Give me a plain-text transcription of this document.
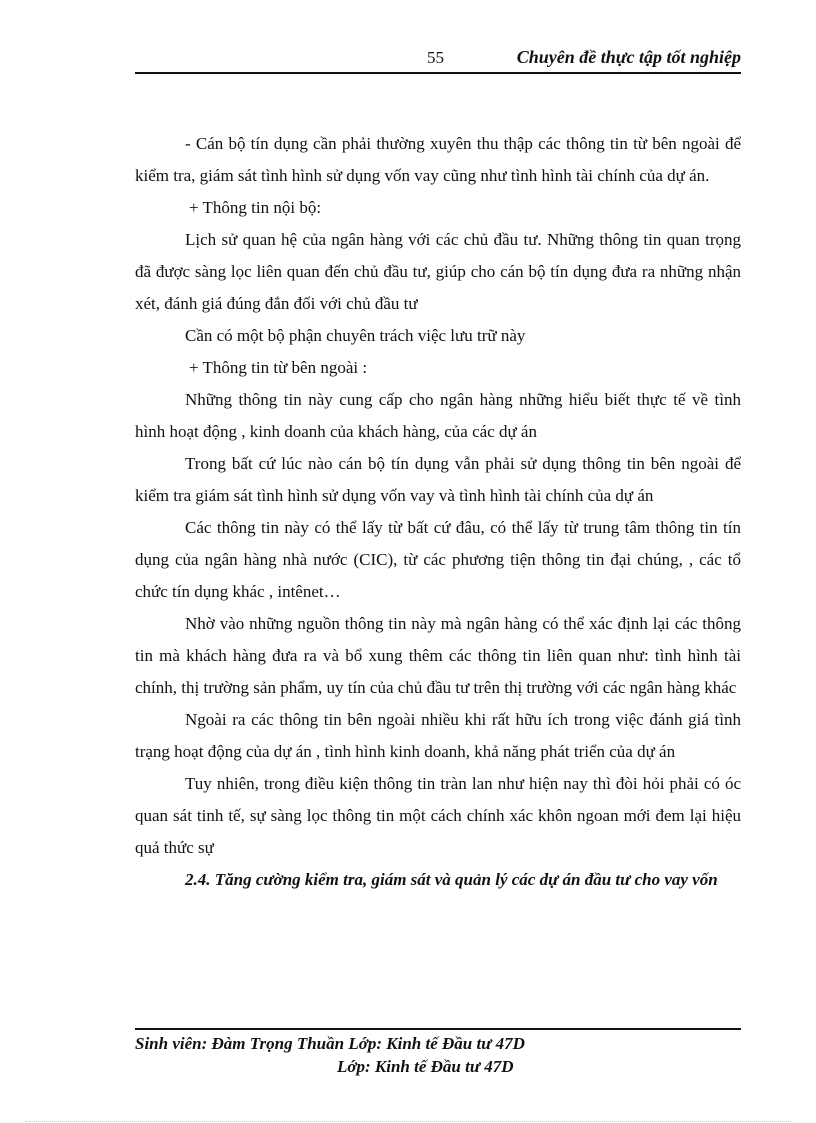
55	Chuyên đề thực tập tốt nghiệp

- Cán bộ tín dụng cần phải thường xuyên thu thập các thông tin từ bên ngoài để kiểm tra, giám sát tình hình sử dụng vốn vay cũng như tình hình tài chính của dự án.

+ Thông tin nội bộ:

Lịch sử quan hệ của ngân hàng với các chủ đầu tư. Những thông tin quan trọng đã được sàng lọc liên quan đến chủ đầu tư, giúp cho cán bộ tín dụng đưa ra những nhận xét, đánh giá đúng đắn đối với chủ đầu tư

Cần có một bộ phận chuyên trách việc lưu trữ này

+ Thông tin từ bên ngoài :

Những thông tin này cung cấp cho ngân hàng những hiểu biết thực tế về tình hình hoạt động , kinh doanh của khách hàng, của các dự án

Trong bất cứ lúc nào cán bộ tín dụng vẫn phải sử dụng thông tin bên ngoài để kiểm tra giám sát tình hình sử dụng vốn vay và tình hình tài chính của dự án

Các thông tin này có thể lấy từ bất cứ đâu, có thể lấy từ trung tâm thông tin tín dụng của ngân hàng nhà nước (CIC), từ các phương tiện thông tin đại chúng, , các tổ chức tín dụng khác , intênet…

Nhờ vào những nguồn thông tin này mà ngân hàng có thể xác định lại các thông tin mà khách hàng đưa ra và bổ xung thêm các thông tin liên quan như: tình hình tài chính, thị trường sản phẩm, uy tín của chủ đầu tư trên thị trường với các ngân hàng khác

Ngoài ra các thông tin bên ngoài nhiều khi rất hữu ích trong việc đánh giá tình trạng hoạt động của dự án , tình hình kinh doanh, khả năng phát triển của dự án

Tuy nhiên, trong điều kiện thông tin tràn lan như hiện nay thì đòi hỏi phải có óc quan sát tinh tế, sự sàng lọc thông tin một cách chính xác khôn ngoan mới đem lại hiệu quả thức sự

2.4. Tăng cường kiểm tra, giám sát và quản lý các dự án đầu tư cho vay vốn

Sinh viên: Đàm Trọng Thuần Lớp: Kinh tế Đầu tư 47D
Lớp: Kinh tế Đầu tư 47D
